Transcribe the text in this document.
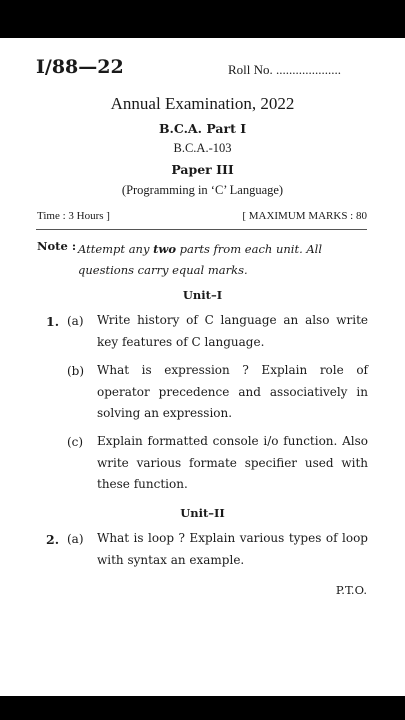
I/88—22	Roll No. ....................
Annual Examination, 2022
B.C.A. Part I
B.C.A.-103
Paper III
(Programming in ‘C’ Language)
Time : 3 Hours ]	[ MAXIMUM MARKS : 80
Note : Attempt any two parts from each unit. All questions carry equal marks.
Unit–I
1. (a) Write history of C language an also write key features of C language.
(b) What is expression ? Explain role of operator precedence and associatively in solving an expression.
(c) Explain formatted console i/o function. Also write various formate specifier used with these function.
Unit–II
2. (a) What is loop ? Explain various types of loop with syntax an example.
P.T.O.
